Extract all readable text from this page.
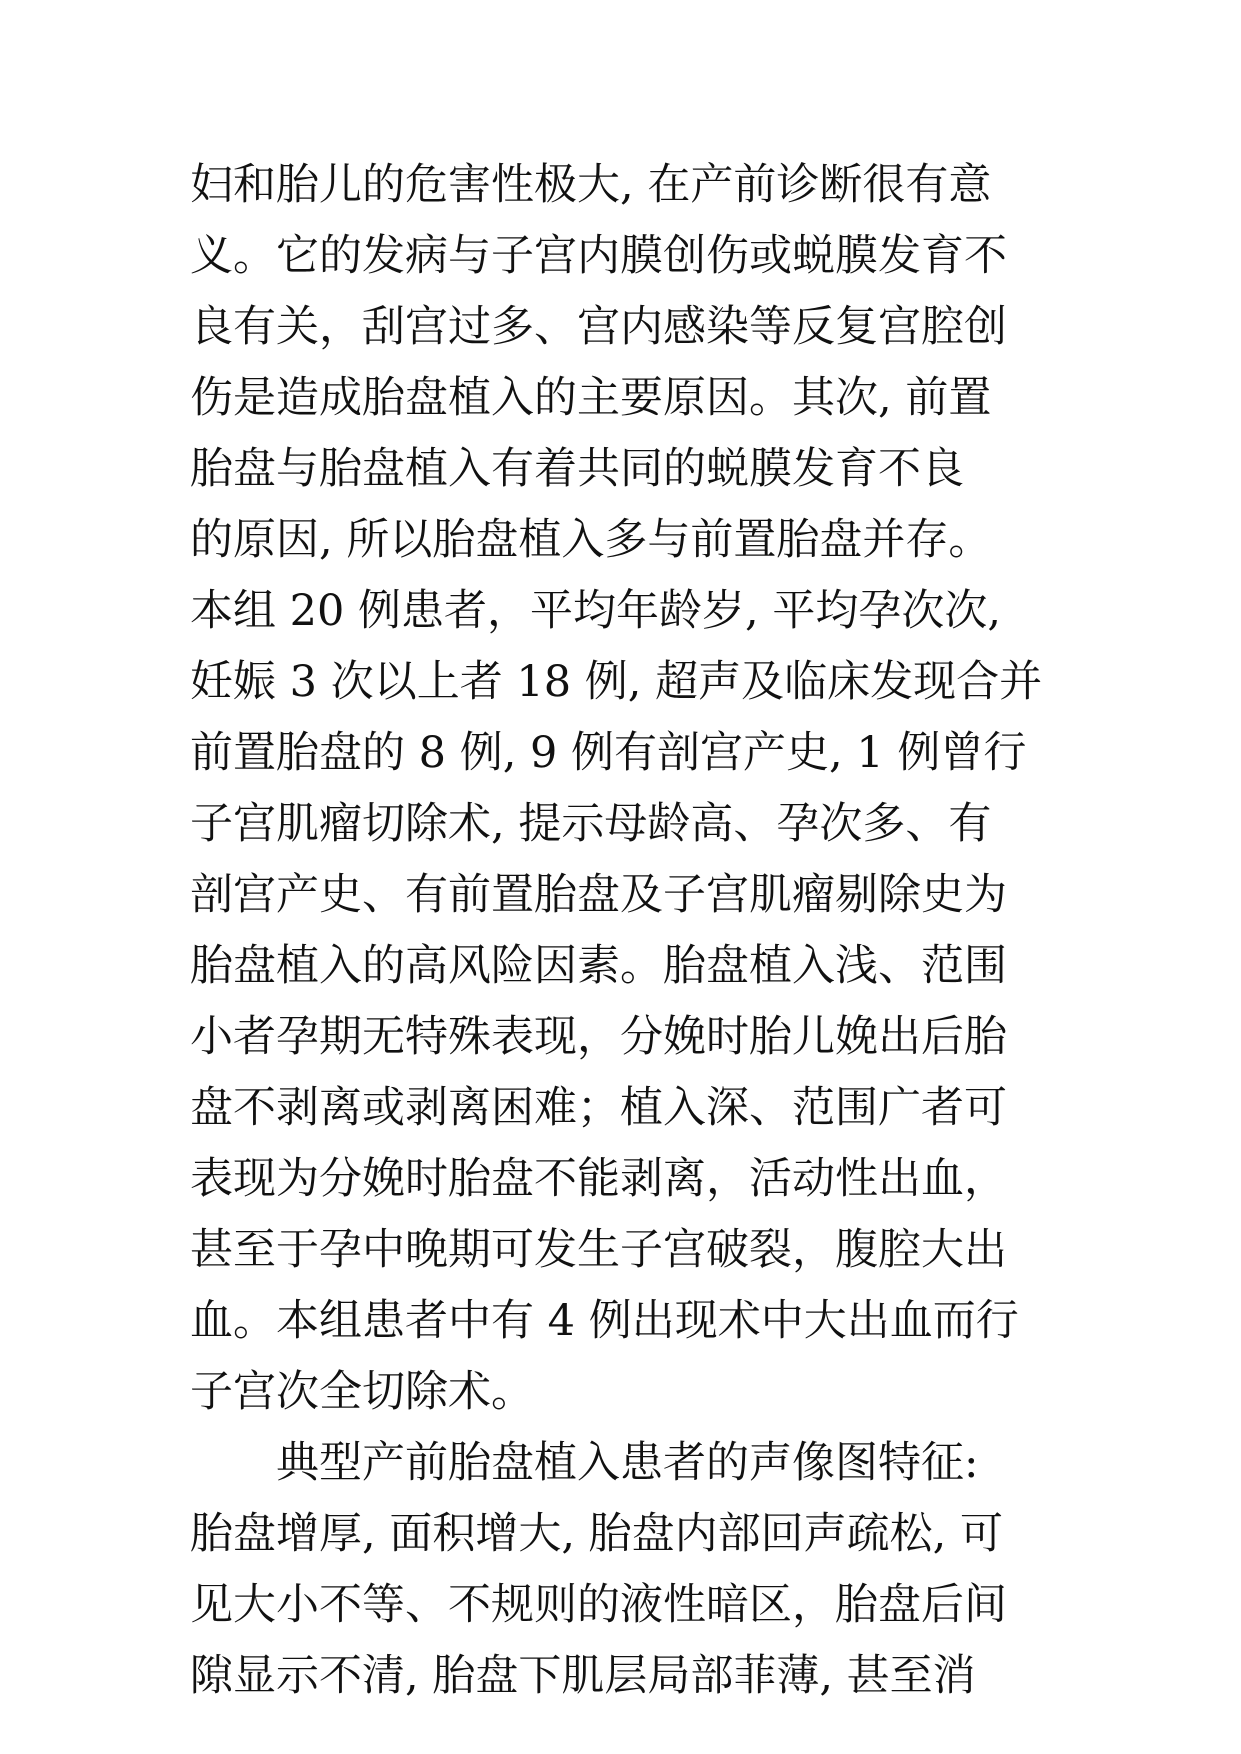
妇和胎儿的危害性极大, 在产前诊断很有意
义。它的发病与子宫内膜创伤或蜕膜发育不
良有关，刮宫过多、宫内感染等反复宫腔创
伤是造成胎盘植入的主要原因。其次, 前置
胎盘与胎盘植入有着共同的蜕膜发育不良
的原因, 所以胎盘植入多与前置胎盘并存。
本组 20 例患者，平均年龄岁, 平均孕次次,
妊娠 3 次以上者 18 例, 超声及临床发现合并
前置胎盘的 8 例, 9 例有剖宫产史, 1 例曾行
子宫肌瘤切除术, 提示母龄高、孕次多、有
剖宫产史、有前置胎盘及子宫肌瘤剔除史为
胎盘植入的高风险因素。胎盘植入浅、范围
小者孕期无特殊表现，分娩时胎儿娩出后胎
盘不剥离或剥离困难；植入深、范围广者可
表现为分娩时胎盘不能剥离，活动性出血，
甚至于孕中晚期可发生子宫破裂，腹腔大出
血。本组患者中有 4 例出现术中大出血而行
子宫次全切除术。
　　典型产前胎盘植入患者的声像图特征:
胎盘增厚, 面积增大, 胎盘内部回声疏松, 可
见大小不等、不规则的液性暗区，胎盘后间
隙显示不清, 胎盘下肌层局部菲薄, 甚至消
